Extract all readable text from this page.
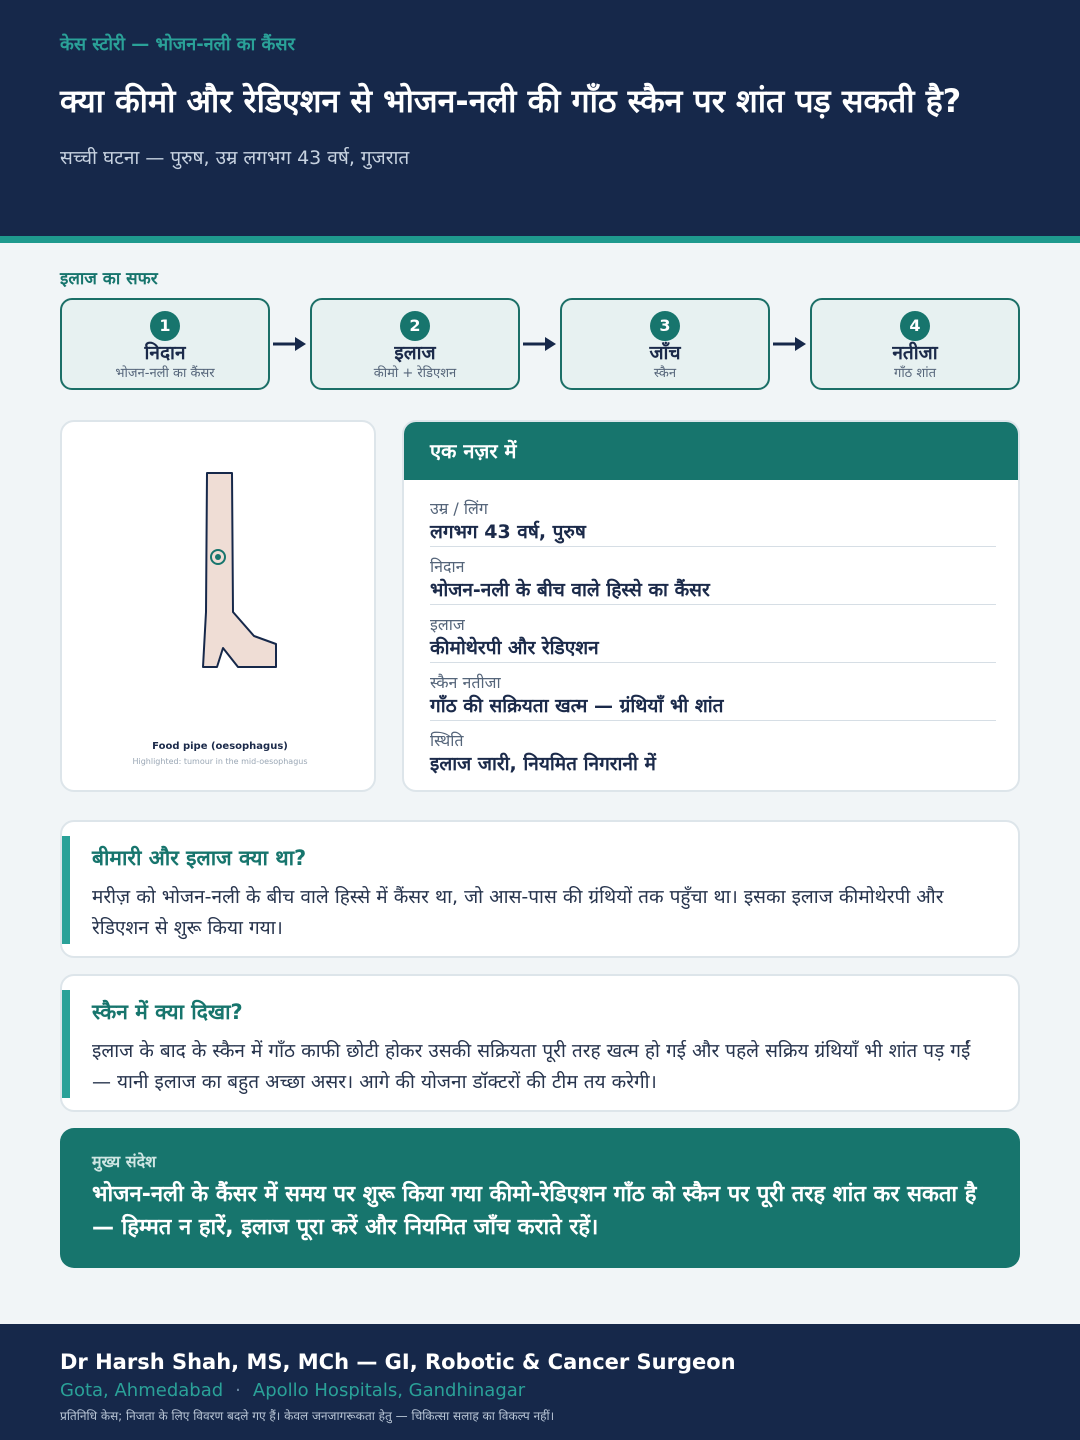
केस स्टोरी — भोजन-नली का कैंसर
क्या कीमो और रेडिएशन से भोजन-नली की गाँठ स्कैन पर शांत पड़ सकती है?
सच्ची घटना — पुरुष, उम्र लगभग 43 वर्ष, गुजरात
इलाज का सफर
1
निदान
भोजन-नली का कैंसर
2
इलाज
कीमो + रेडिएशन
3
जाँच
स्कैन
4
नतीजा
गाँठ शांत
Food pipe (oesophagus)
Highlighted: tumour in the mid-oesophagus
एक नज़र में
उम्र / लिंग
लगभग 43 वर्ष, पुरुष
निदान
भोजन-नली के बीच वाले हिस्से का कैंसर
इलाज
कीमोथेरपी और रेडिएशन
स्कैन नतीजा
गाँठ की सक्रियता खत्म — ग्रंथियाँ भी शांत
स्थिति
इलाज जारी, नियमित निगरानी में
बीमारी और इलाज क्या था?

मरीज़ को भोजन-नली के बीच वाले हिस्से में कैंसर था, जो आस-पास की ग्रंथियों तक पहुँचा था। इसका इलाज कीमोथेरपी और रेडिएशन से शुरू किया गया।

स्कैन में क्या दिखा?

इलाज के बाद के स्कैन में गाँठ काफी छोटी होकर उसकी सक्रियता पूरी तरह खत्म हो गई और पहले सक्रिय ग्रंथियाँ भी शांत पड़ गईं — यानी इलाज का बहुत अच्छा असर। आगे की योजना डॉक्टरों की टीम तय करेगी।

मुख्य संदेश
भोजन-नली के कैंसर में समय पर शुरू किया गया कीमो-रेडिएशन गाँठ को स्कैन पर पूरी तरह शांत कर सकता है — हिम्मत न हारें, इलाज पूरा करें और नियमित जाँच कराते रहें।
Dr Harsh Shah, MS, MCh — GI, Robotic & Cancer Surgeon
Gota, Ahmedabad · Apollo Hospitals, Gandhinagar
प्रतिनिधि केस; निजता के लिए विवरण बदले गए हैं। केवल जनजागरूकता हेतु — चिकित्सा सलाह का विकल्प नहीं।
